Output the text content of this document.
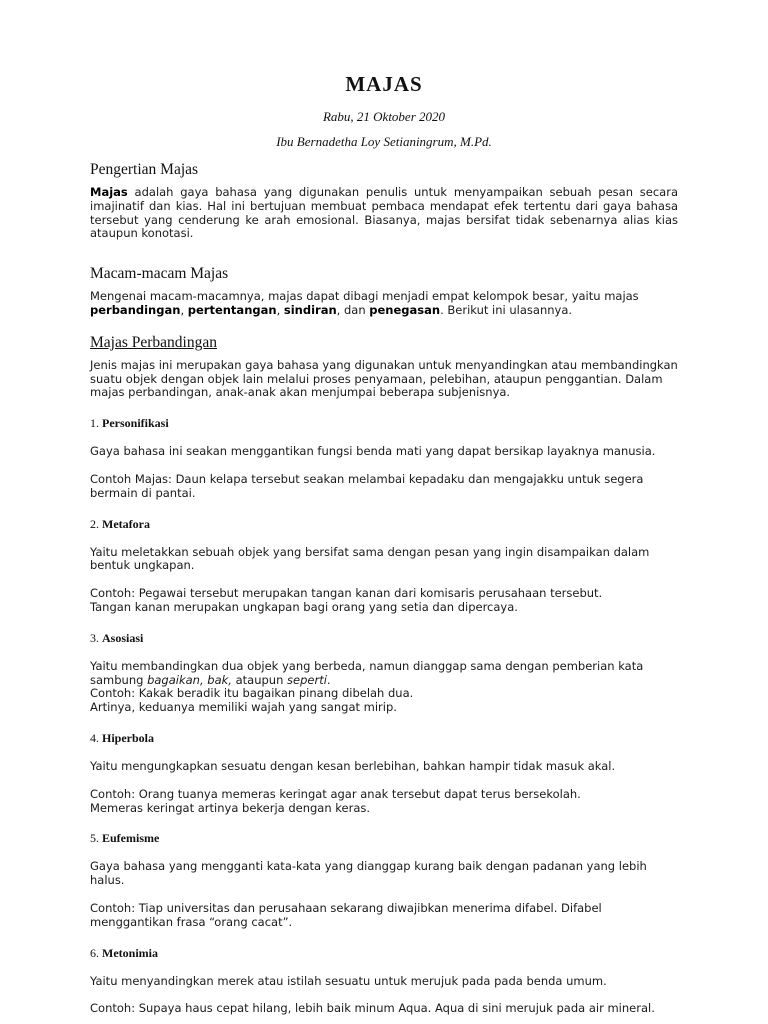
MAJAS
Rabu, 21 Oktober 2020
Ibu Bernadetha Loy Setianingrum, M.Pd.
Pengertian Majas

Majas adalah gaya bahasa yang digunakan penulis untuk menyampaikan sebuah pesan secara imajinatif dan kias. Hal ini bertujuan membuat pembaca mendapat efek tertentu dari gaya bahasa tersebut yang cenderung ke arah emosional. Biasanya, majas bersifat tidak sebenarnya alias kias ataupun konotasi.

Macam-macam Majas

Mengenai macam-macamnya, majas dapat dibagi menjadi empat kelompok besar, yaitu majas perbandingan, pertentangan, sindiran, dan penegasan. Berikut ini ulasannya.

Majas Perbandingan

Jenis majas ini merupakan gaya bahasa yang digunakan untuk menyandingkan atau membandingkan suatu objek dengan objek lain melalui proses penyamaan, pelebihan, ataupun penggantian. Dalam majas perbandingan, anak-anak akan menjumpai beberapa subjenisnya.

1. Personifikasi

Gaya bahasa ini seakan menggantikan fungsi benda mati yang dapat bersikap layaknya manusia.

Contoh Majas: Daun kelapa tersebut seakan melambai kepadaku dan mengajakku untuk segera bermain di pantai.

2. Metafora

Yaitu meletakkan sebuah objek yang bersifat sama dengan pesan yang ingin disampaikan dalam bentuk ungkapan.

Contoh: Pegawai tersebut merupakan tangan kanan dari komisaris perusahaan tersebut.

Tangan kanan merupakan ungkapan bagi orang yang setia dan dipercaya.

3. Asosiasi

Yaitu membandingkan dua objek yang berbeda, namun dianggap sama dengan pemberian kata sambung bagaikan, bak, ataupun seperti.

Contoh: Kakak beradik itu bagaikan pinang dibelah dua.

Artinya, keduanya memiliki wajah yang sangat mirip.

4. Hiperbola

Yaitu mengungkapkan sesuatu dengan kesan berlebihan, bahkan hampir tidak masuk akal.

Contoh: Orang tuanya memeras keringat agar anak tersebut dapat terus bersekolah.

Memeras keringat artinya bekerja dengan keras.

5. Eufemisme

Gaya bahasa yang mengganti kata-kata yang dianggap kurang baik dengan padanan yang lebih halus.

Contoh: Tiap universitas dan perusahaan sekarang diwajibkan menerima difabel. Difabel menggantikan frasa “orang cacat”.

6. Metonimia

Yaitu menyandingkan merek atau istilah sesuatu untuk merujuk pada pada benda umum.

Contoh: Supaya haus cepat hilang, lebih baik minum Aqua. Aqua di sini merujuk pada air mineral.
